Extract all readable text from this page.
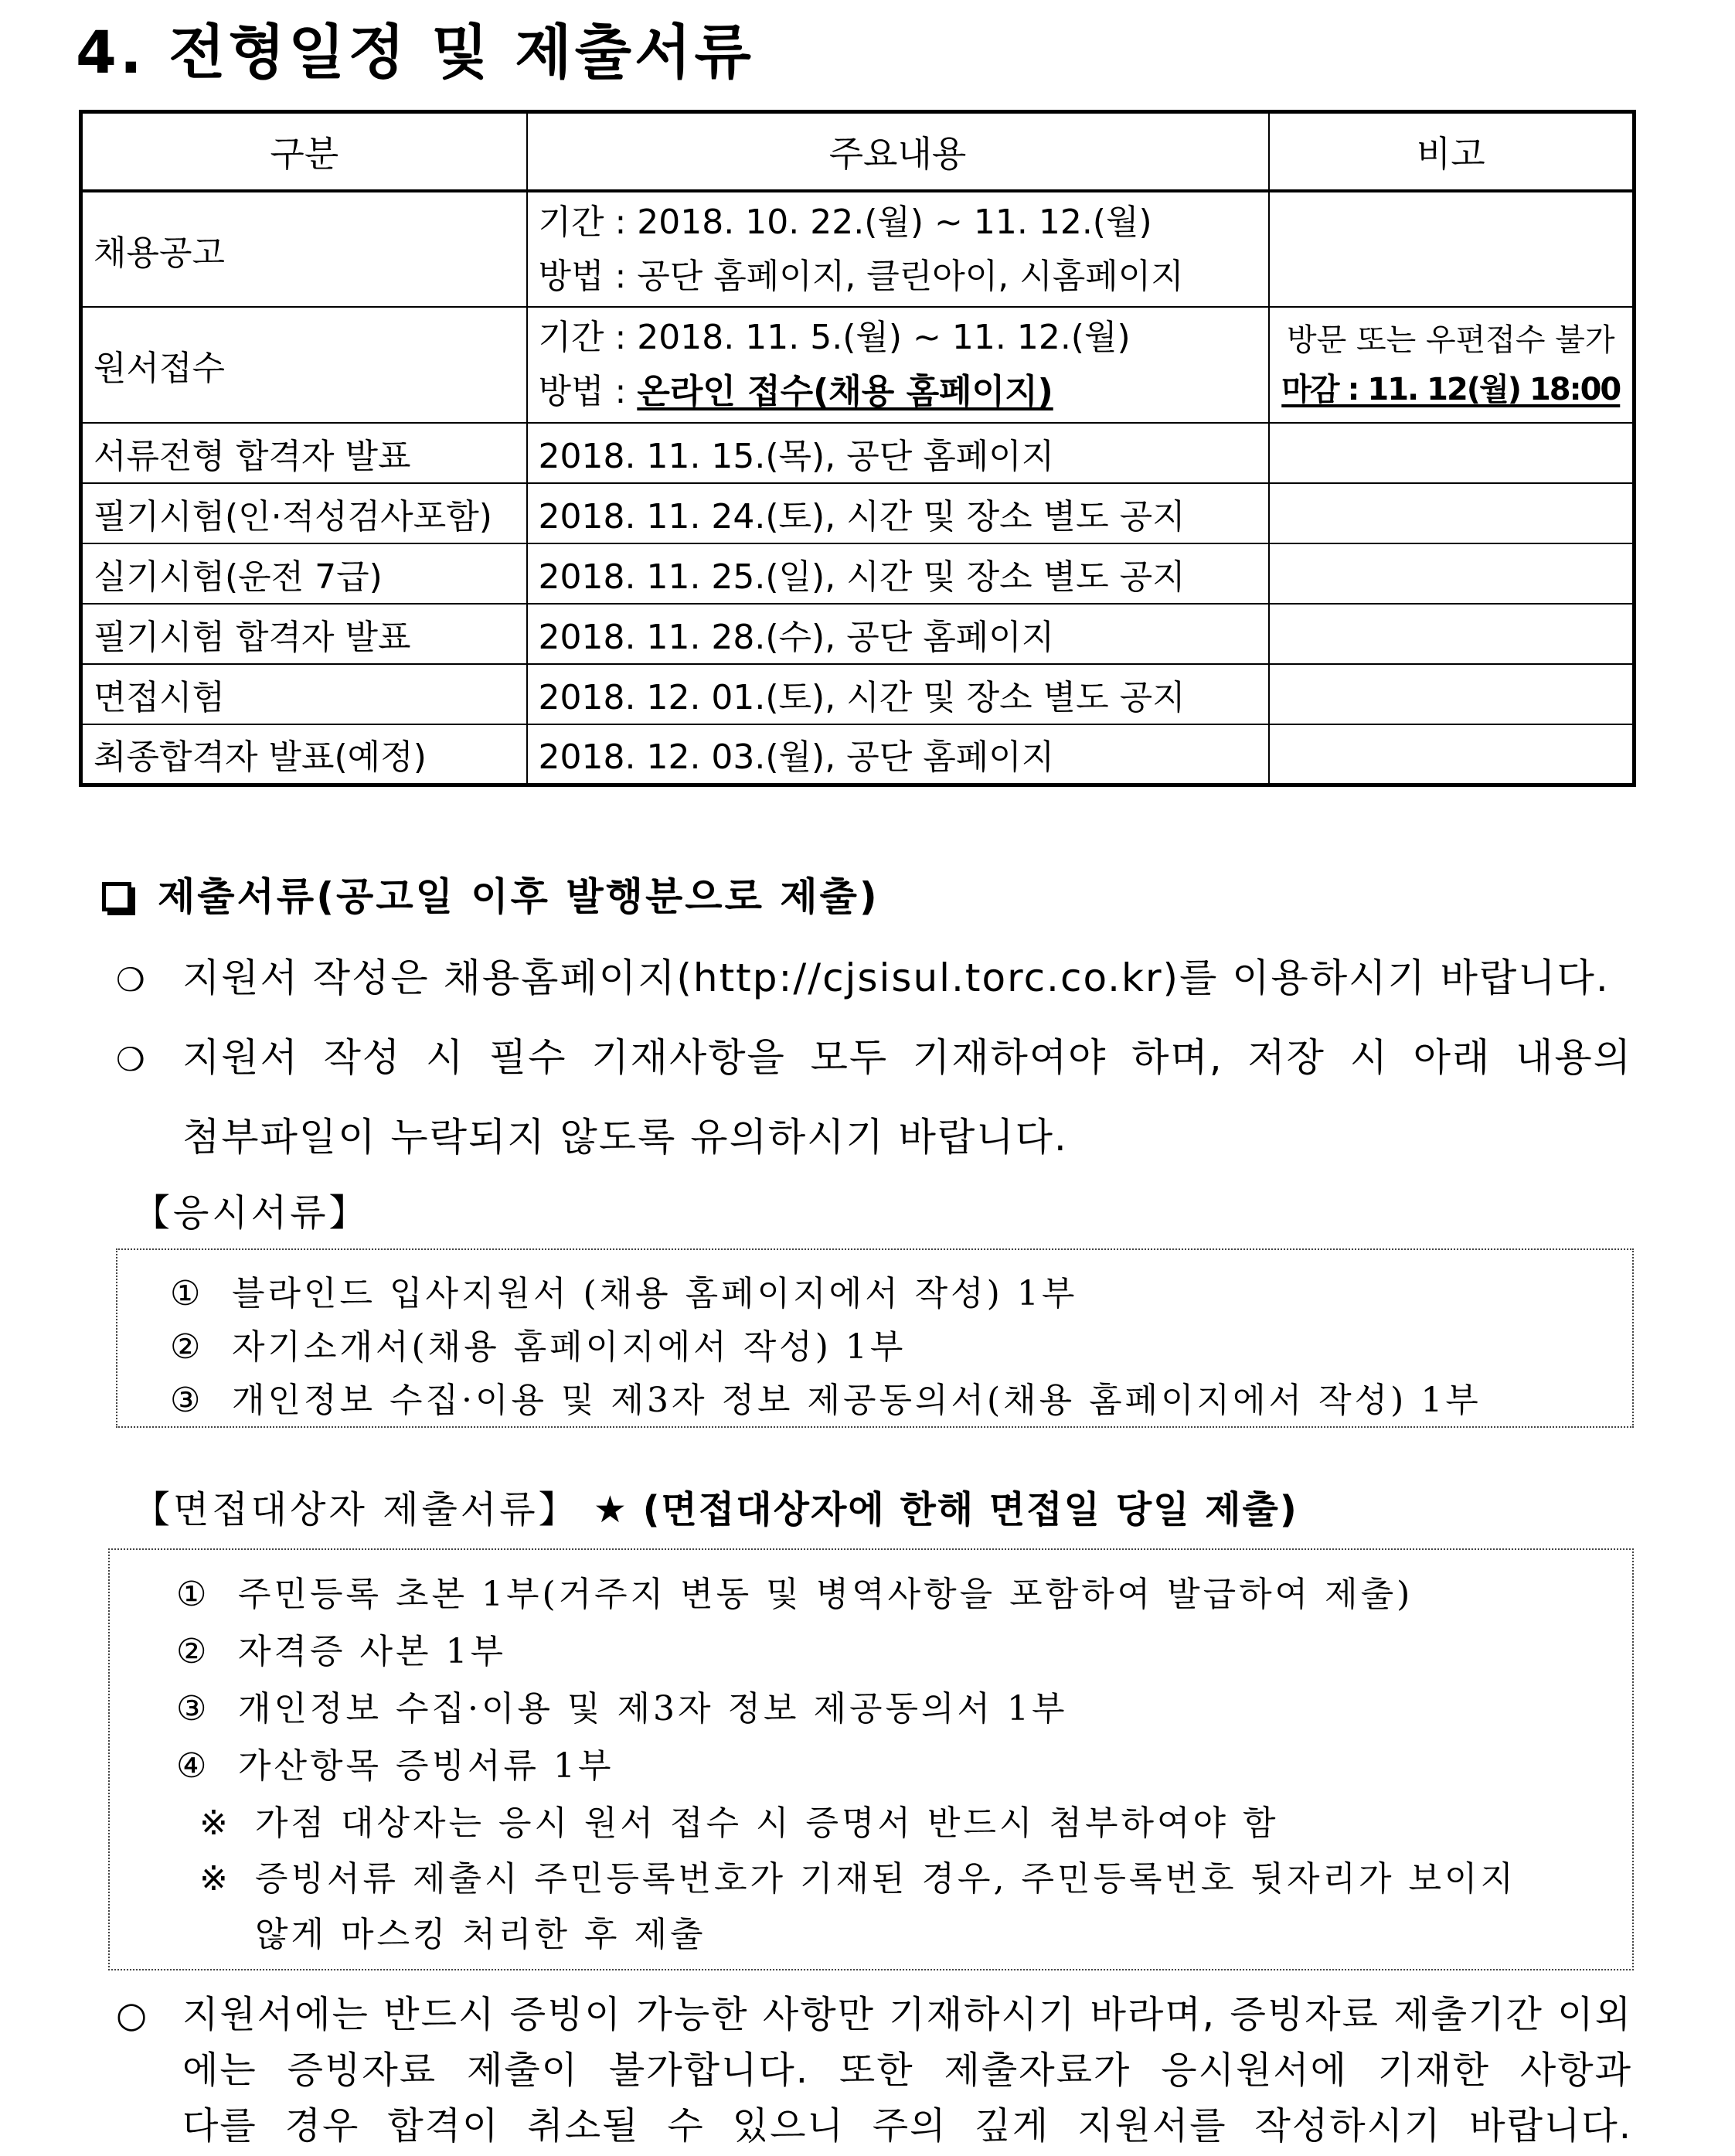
4. 전형일정 및 제출서류
구분	주요내용	비고
채용공고	기간 : 2018. 10. 22.(월) ~ 11. 12.(월)
방법 : 공단 홈페이지, 클린아이, 시홈페이지	

원서접수	기간 : 2018. 11. 5.(월) ~ 11. 12.(월)
방법 : 온라인 접수(채용 홈페이지)	방문 또는 우편접수 불가
마감 : 11. 12(월) 18:00

서류전형 합격자 발표	2018. 11. 15.(목), 공단 홈페이지	
필기시험(인·적성검사포함)	2018. 11. 24.(토), 시간 및 장소 별도 공지	
실기시험(운전 7급)	2018. 11. 25.(일), 시간 및 장소 별도 공지	
필기시험 합격자 발표	2018. 11. 28.(수), 공단 홈페이지	
면접시험	2018. 12. 01.(토), 시간 및 장소 별도 공지	
최종합격자 발표(예정)	2018. 12. 03.(월), 공단 홈페이지	
제출서류(공고일 이후 발행분으로 제출)
❍ 지원서 작성은 채용홈페이지(http://cjsisul.torc.co.kr)를 이용하시기 바랍니다.
❍ 지원서 작성 시 필수 기재사항을 모두 기재하여야 하며, 저장 시 아래 내용의
첨부파일이 누락되지 않도록 유의하시기 바랍니다.
【응시서류】
① 블라인드 입사지원서 (채용 홈페이지에서 작성) 1부
② 자기소개서(채용 홈페이지에서 작성) 1부
③ 개인정보 수집·이용 및 제3자 정보 제공동의서(채용 홈페이지에서 작성) 1부
【면접대상자 제출서류】 ★ (면접대상자에 한해 면접일 당일 제출)
① 주민등록 초본 1부(거주지 변동 및 병역사항을 포함하여 발급하여 제출)
② 자격증 사본 1부
③ 개인정보 수집·이용 및 제3자 정보 제공동의서 1부
④ 가산항목 증빙서류 1부
※ 가점 대상자는 응시 원서 접수 시 증명서 반드시 첨부하여야 함
※ 증빙서류 제출시 주민등록번호가 기재된 경우, 주민등록번호 뒷자리가 보이지
않게 마스킹 처리한 후 제출
○ 지원서에는 반드시 증빙이 가능한 사항만 기재하시기 바라며, 증빙자료 제출기간 이외
에는 증빙자료 제출이 불가합니다. 또한 제출자료가 응시원서에 기재한 사항과
다를 경우 합격이 취소될 수 있으니 주의 깊게 지원서를 작성하시기 바랍니다.
